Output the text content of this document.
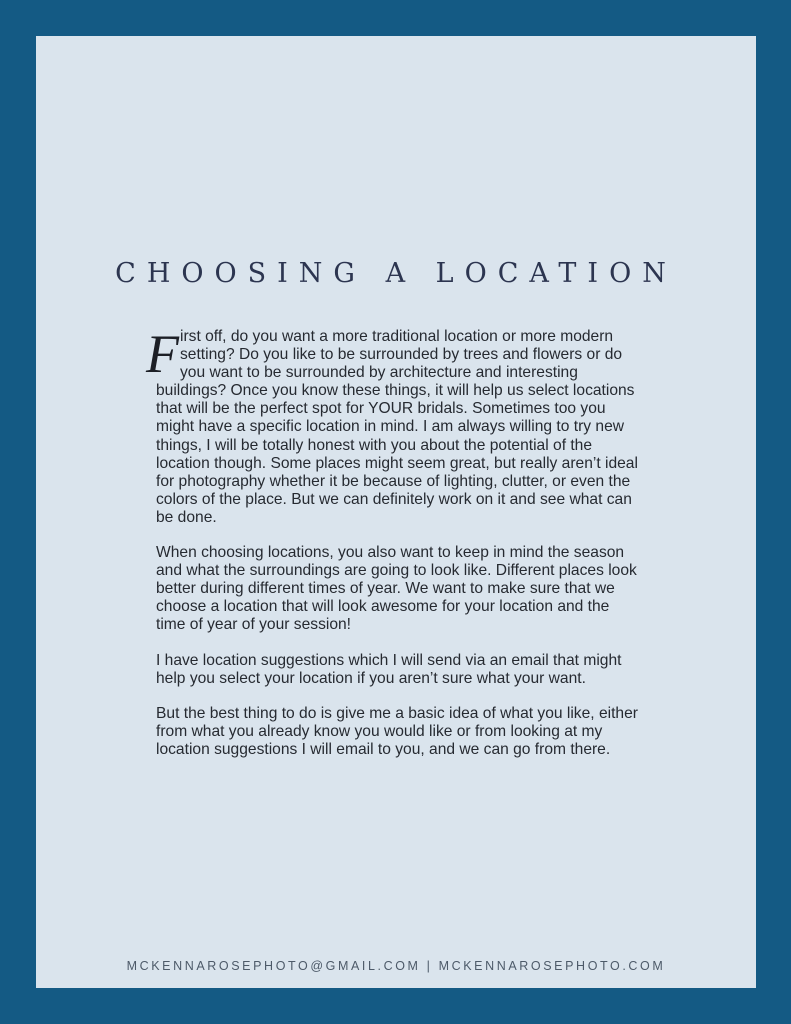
CHOOSING A LOCATION

First off, do you want a more traditional location or more modern setting? Do you like to be surrounded by trees and flowers or do you want to be surrounded by architecture and interesting buildings? Once you know these things, it will help us select locations that will be the perfect spot for YOUR bridals. Sometimes too you might have a specific location in mind. I am always willing to try new things, I will be totally honest with you about the potential of the location though. Some places might seem great, but really aren’t ideal for photography whether it be because of lighting, clutter, or even the colors of the place. But we can definitely work on it and see what can be done.

When choosing locations, you also want to keep in mind the season and what the surroundings are going to look like. Different places look better during different times of year. We want to make sure that we choose a location that will look awesome for your location and the time of year of your session!

I have location suggestions which I will send via an email that might help you select your location if you aren’t sure what your want.

But the best thing to do is give me a basic idea of what you like, either from what you already know you would like or from looking at my location suggestions I will email to you, and we can go from there.

MCKENNAROSEPHOTO@GMAIL.COM | MCKENNAROSEPHOTO.COM
